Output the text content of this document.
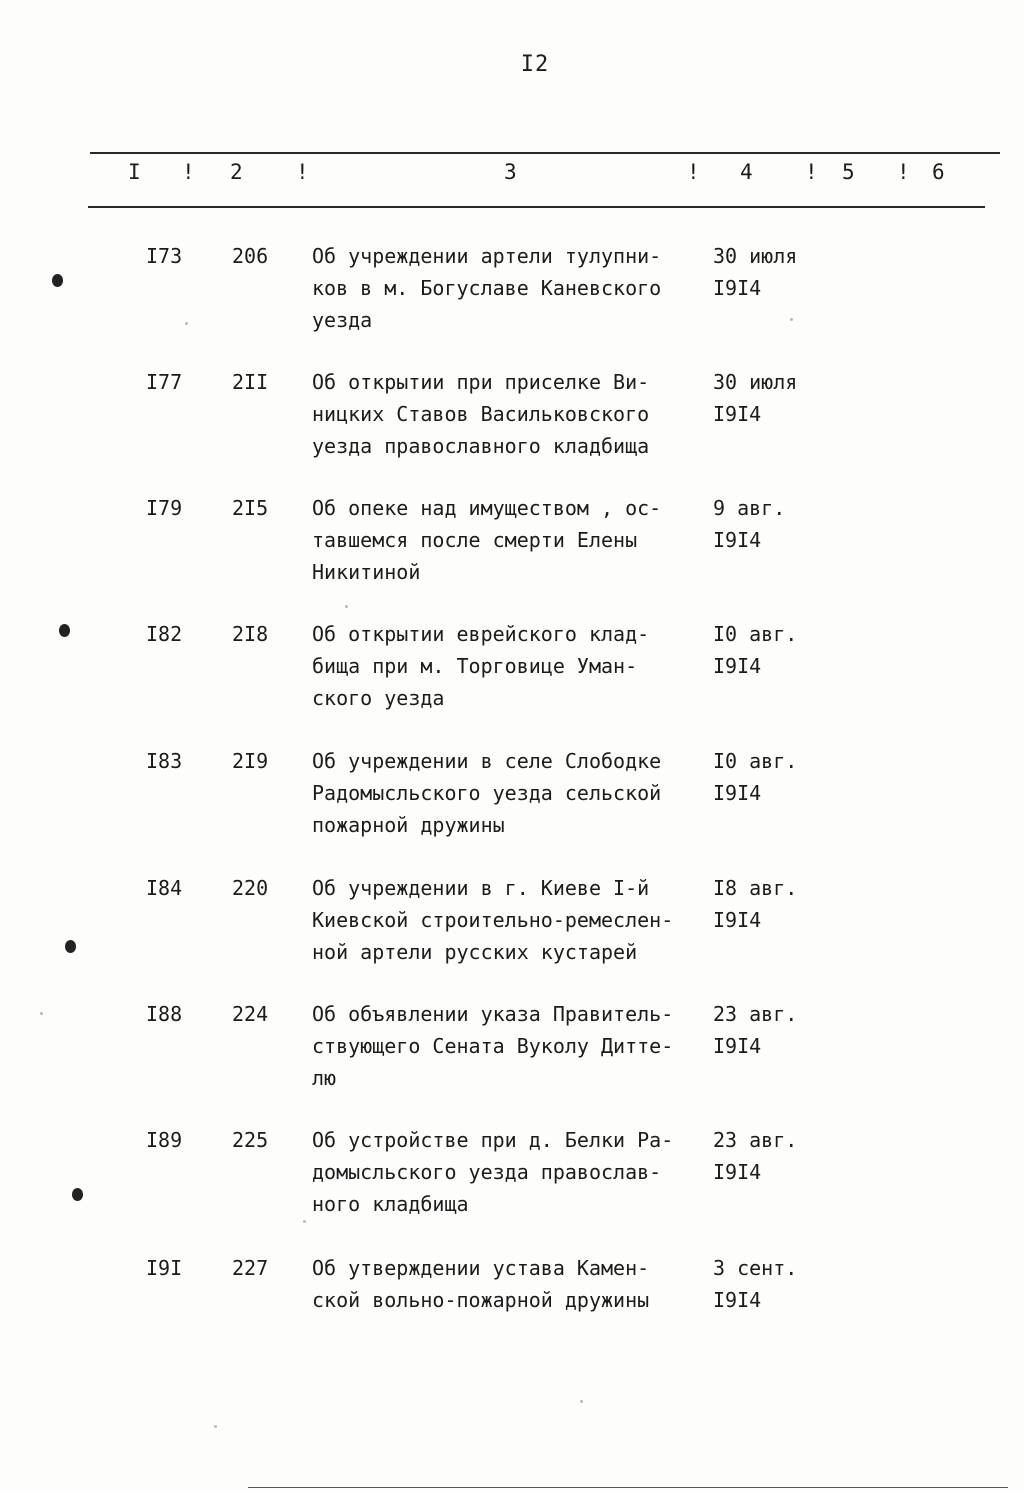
I2
I ! 2	!	3	! 4 ! 5 ! 6
I73	206	Об учреждении артели тулупни-
ков в м. Богуславе Каневского
уезда
30 июля
I9I4
I77	2II	Об открытии при приселке Ви-
ницких Ставов Васильковского
уезда православного кладбища
30 июля
I9I4
I79	2I5	Об опеке над имуществом , ос-
тавшемся после смерти Елены
Никитиной
9 авг.
I9I4
I82	2I8	Об открытии еврейского клад-
бища при м. Торговице Уман-
ского уезда
I0 авг.
I9I4
I83	2I9	Об учреждении в селе Слободке
Радомысльского уезда сельской
пожарной дружины
I0 авг.
I9I4
I84	220	Об учреждении в г. Киеве I-й
Киевской строительно-ремеслен-
ной артели русских кустарей
I8 авг.
I9I4
I88	224	Об объявлении указа Правитель-
ствующего Сената Вуколу Дитте-
лю
23 авг.
I9I4
I89	225	Об устройстве при д. Белки Ра-
домысльского уезда православ-
ного кладбища
23 авг.
I9I4
I9I	227	Об утверждении устава Камен-
ской вольно-пожарной дружины
3 сент.
I9I4
